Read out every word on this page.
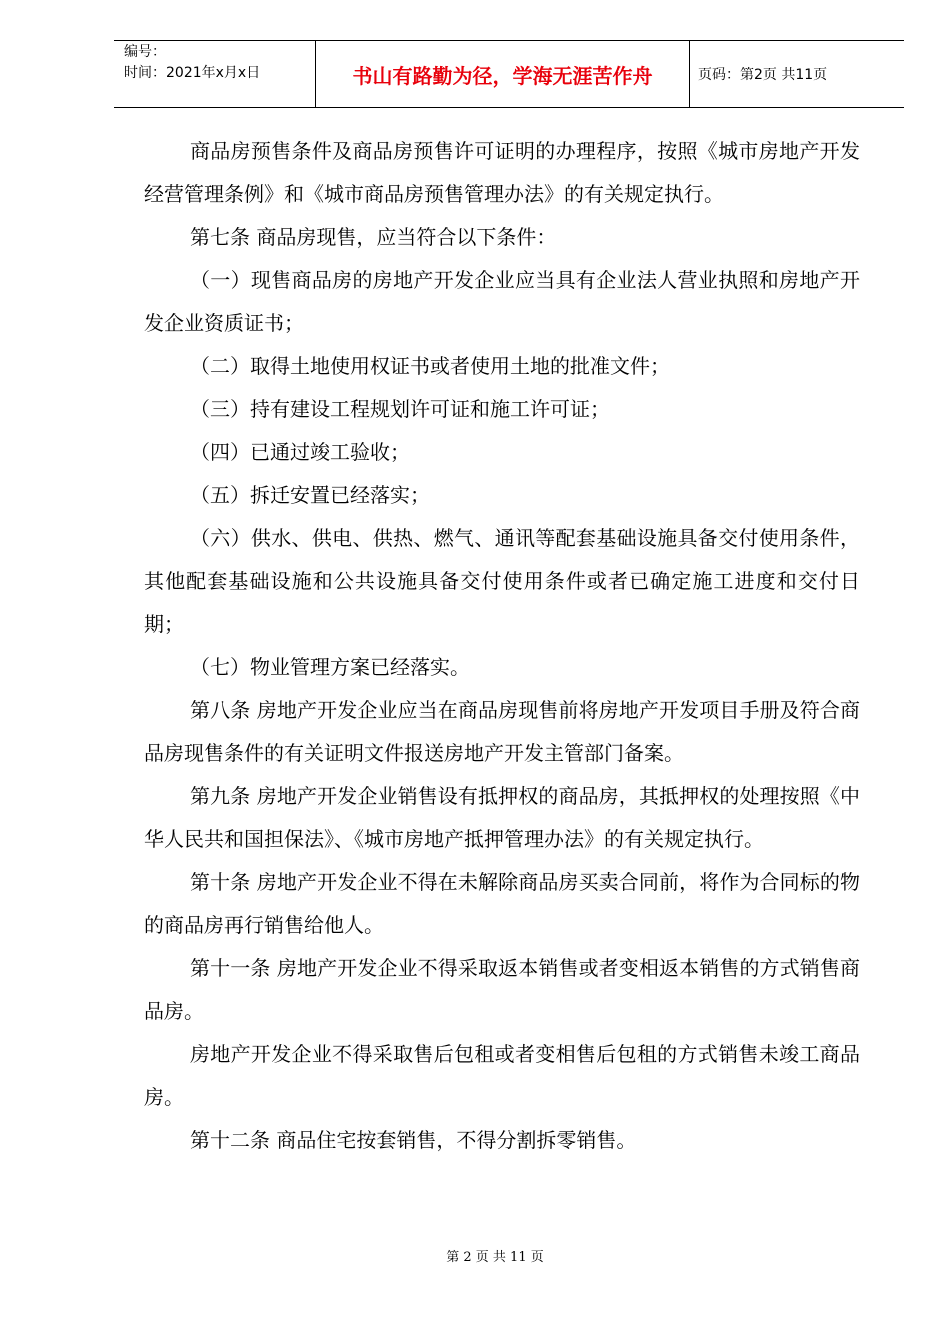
编号：
时间：2021年x月x日	书山有路勤为径，学海无涯苦作舟	页码：第2页 共11页

商品房预售条件及商品房预售许可证明的办理程序，按照《城市房地产开发经营管理条例》和《城市商品房预售管理办法》的有关规定执行。

第七条 商品房现售，应当符合以下条件：

（一）现售商品房的房地产开发企业应当具有企业法人营业执照和房地产开发企业资质证书；

（二）取得土地使用权证书或者使用土地的批准文件；

（三）持有建设工程规划许可证和施工许可证；

（四）已通过竣工验收；

（五）拆迁安置已经落实；

（六）供水、供电、供热、燃气、通讯等配套基础设施具备交付使用条件，其他配套基础设施和公共设施具备交付使用条件或者已确定施工进度和交付日期；

（七）物业管理方案已经落实。

第八条 房地产开发企业应当在商品房现售前将房地产开发项目手册及符合商品房现售条件的有关证明文件报送房地产开发主管部门备案。

第九条 房地产开发企业销售设有抵押权的商品房，其抵押权的处理按照《中华人民共和国担保法》、《城市房地产抵押管理办法》的有关规定执行。

第十条 房地产开发企业不得在未解除商品房买卖合同前，将作为合同标的物的商品房再行销售给他人。

第十一条 房地产开发企业不得采取返本销售或者变相返本销售的方式销售商品房。

房地产开发企业不得采取售后包租或者变相售后包租的方式销售未竣工商品房。

第十二条 商品住宅按套销售，不得分割拆零销售。

第 2 页 共 11 页
